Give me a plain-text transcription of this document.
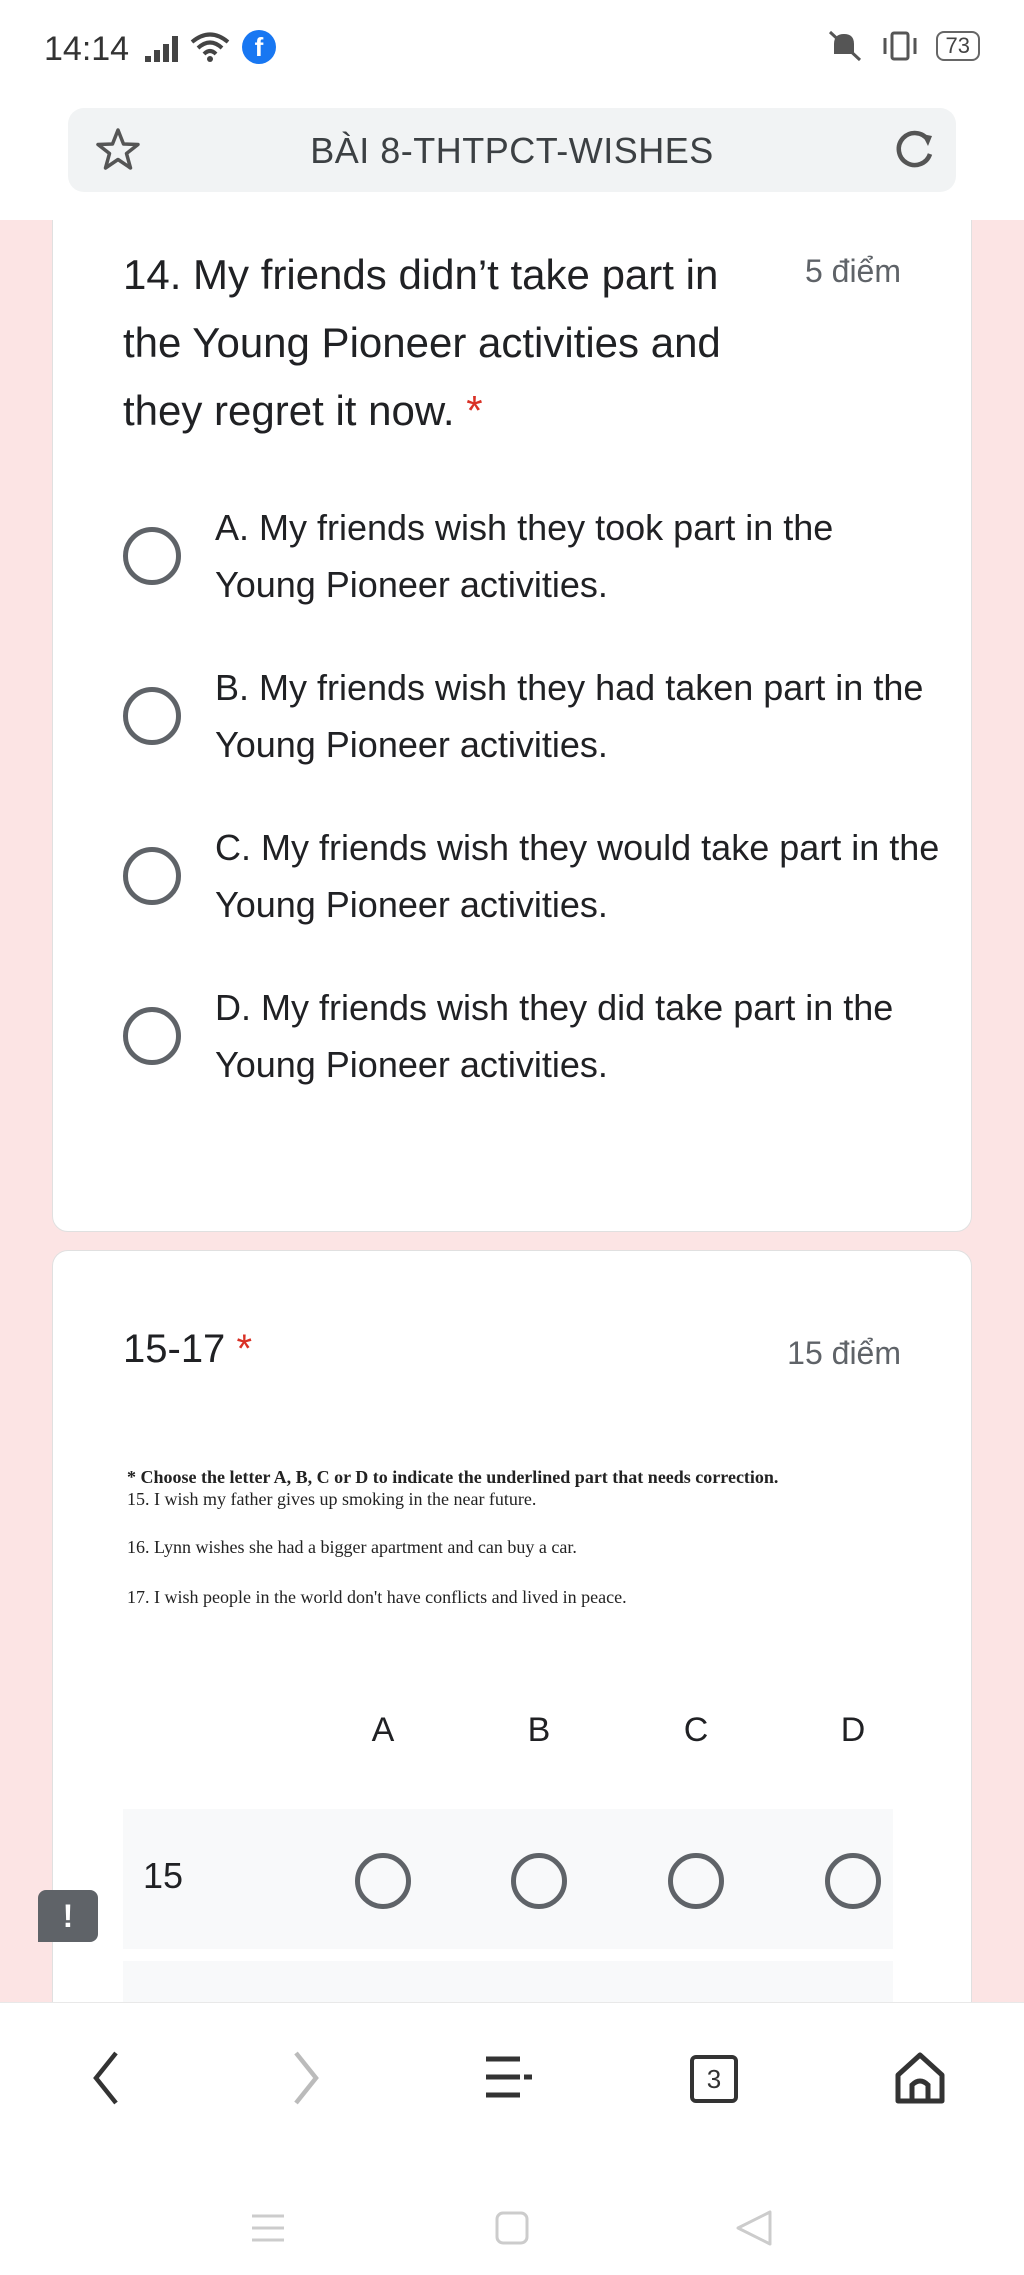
14:14	f	73
BÀI 8-THTPCT-WISHES
14. My friends didn’t take part in the Young Pioneer activities and they regret it now. *
5 điểm
A. My friends wish they took part in the Young Pioneer activities.
B. My friends wish they had taken part in the Young Pioneer activities.
C. My friends wish they would take part in the Young Pioneer activities.
D. My friends wish they did take part in the Young Pioneer activities.
15-17 *	15 điểm
* Choose the letter A, B, C or D to indicate the underlined part that needs correction.
15. I wish my father gives up smoking in the near future.
16. Lynn wishes she had a bigger apartment and can buy a car.
17. I wish people in the world don't have conflicts and lived in peace.
A	B	C	D
15
!
3
